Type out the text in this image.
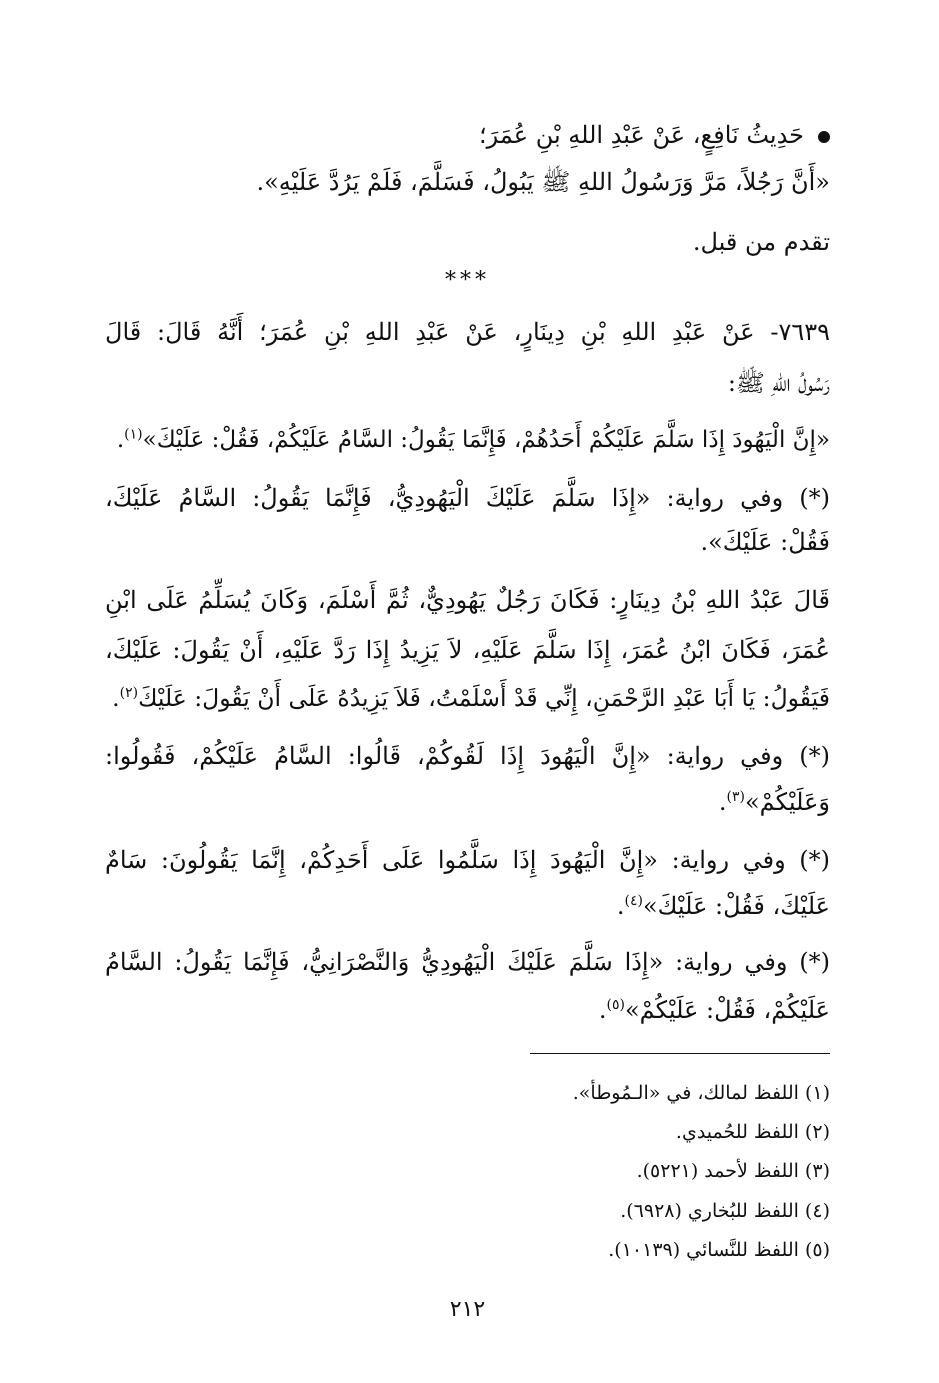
حَدِيثُ نَافِعٍ، عَنْ عَبْدِ اللهِ بْنِ عُمَرَ؛
«أَنَّ رَجُلاً، مَرَّ وَرَسُولُ اللهِ ﷺ يَبُولُ، فَسَلَّمَ، فَلَمْ يَرُدَّ عَلَيْهِ».
تقدم من قبل.
***
٧٦٣٩- عَنْ عَبْدِ اللهِ بْنِ دِينَارٍ، عَنْ عَبْدِ اللهِ بْنِ عُمَرَ؛ أَنَّهُ قَالَ: قَالَ
رَسُولُ اللهِ ﷺ:
«إِنَّ الْيَهُودَ إِذَا سَلَّمَ عَلَيْكُمْ أَحَدُهُمْ، فَإِنَّمَا يَقُولُ: السَّامُ عَلَيْكُمْ، فَقُلْ: عَلَيْكَ»$^{(١)}$.
(*) وفي رواية: «إِذَا سَلَّمَ عَلَيْكَ الْيَهُودِيُّ، فَإِنَّمَا يَقُولُ: السَّامُ عَلَيْكَ،
فَقُلْ: عَلَيْكَ».
قَالَ عَبْدُ اللهِ بْنُ دِينَارٍ: فَكَانَ رَجُلٌ يَهُودِيٌّ، ثُمَّ أَسْلَمَ، وَكَانَ يُسَلِّمُ عَلَى ابْنِ
عُمَرَ، فَكَانَ ابْنُ عُمَرَ، إِذَا سَلَّمَ عَلَيْهِ، لاَ يَزِيدُ إِذَا رَدَّ عَلَيْهِ، أَنْ يَقُولَ: عَلَيْكَ،
فَيَقُولُ: يَا أَبَا عَبْدِ الرَّحْمَنِ، إِنِّي قَدْ أَسْلَمْتُ، فَلاَ يَزِيدُهُ عَلَى أَنْ يَقُولَ: عَلَيْكَ$^{(٢)}$.
(*) وفي رواية: «إِنَّ الْيَهُودَ إِذَا لَقُوكُمْ، قَالُوا: السَّامُ عَلَيْكُمْ، فَقُولُوا:
وَعَلَيْكُمْ»$^{(٣)}$.
(*) وفي رواية: «إِنَّ الْيَهُودَ إِذَا سَلَّمُوا عَلَى أَحَدِكُمْ، إِنَّمَا يَقُولُونَ: سَامٌ
عَلَيْكَ، فَقُلْ: عَلَيْكَ»$^{(٤)}$.
(*) وفي رواية: «إِذَا سَلَّمَ عَلَيْكَ الْيَهُودِيُّ وَالنَّصْرَانِيُّ، فَإِنَّمَا يَقُولُ: السَّامُ
عَلَيْكُمْ، فَقُلْ: عَلَيْكُمْ»$^{(٥)}$.
(١) اللفظ لمالك، في «الـمُوطأ».
(٢) اللفظ للحُميدي.
(٣) اللفظ لأحمد (٥٢٢١).
(٤) اللفظ للبُخاري (٦٩٢٨).
(٥) اللفظ للنَّسائي (١٠١٣٩).
٢١٢
